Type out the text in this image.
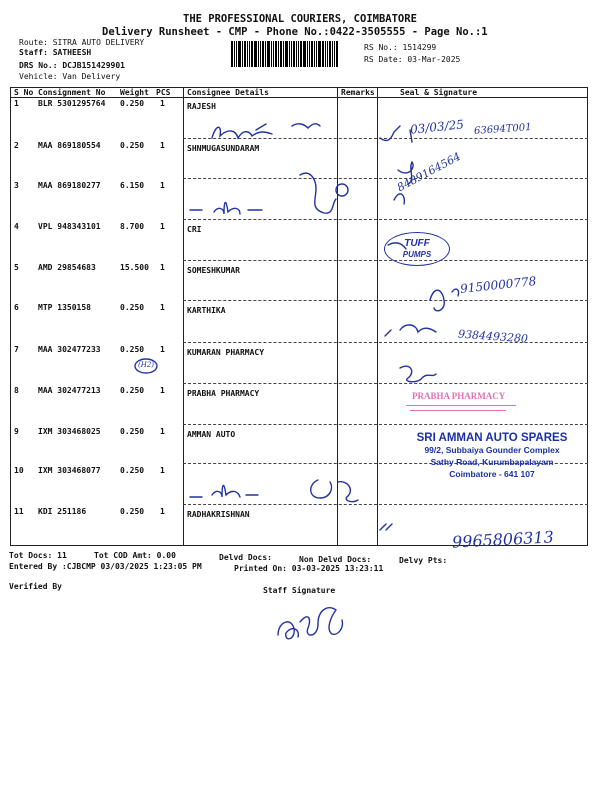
THE PROFESSIONAL COURIERS, COIMBATORE
Delivery Runsheet - CMP - Phone No.:0422-3505555 - Page No.:1
Route: SITRA AUTO DELIVERY
Staff: SATHEESH
DRS No.: DCJB151429901
Vehicle: Van Delivery
RS No.: 1514299
RS Date: 03-Mar-2025
S No Consignment No Weight PCS Consignee Details	Remarks	Seal & Signature
1 BLR 5301295764 0.250 1	RAJESH
2 MAA 869180554 0.250 1	SHNMUGASUNDARAM
3 MAA 869180277 6.150 1
4 VPL 948343101 8.700 1	CRI
5 AMD 29854683	15.500 1	SOMESHKUMAR
6 MTP 1350158	0.250 1	KARTHIKA
7 MAA 302477233 0.250 1	KUMARAN PHARMACY
8 MAA 302477213 0.250 1	PRABHA PHARMACY
9 IXM 303468025 0.250 1	AMMAN AUTO
10 IXM 303468077 0.250 1
11 KDI 251186	0.250 1	RADHAKRISHNAN
03/03/25 63694T001
8489164564
9150000778
9384493280
(H2)
9965806313
TUFF
PUMPS
PRABHA PHARMACY
SRI AMMAN AUTO SPARES
99/2, Subbaiya Gounder Complex
Sathy Road, Kurumbapalayam
Coimbatore - 641 107
Tot Docs: 11	Tot COD Amt: 0.00	Delvd Docs:	Non Delvd Docs:	Delvy Pts:
Entered By :CJBCMP 03/03/2025 1:23:05 PM	Printed On: 03-03-2025 13:23:11
Verified By	Staff Signature
